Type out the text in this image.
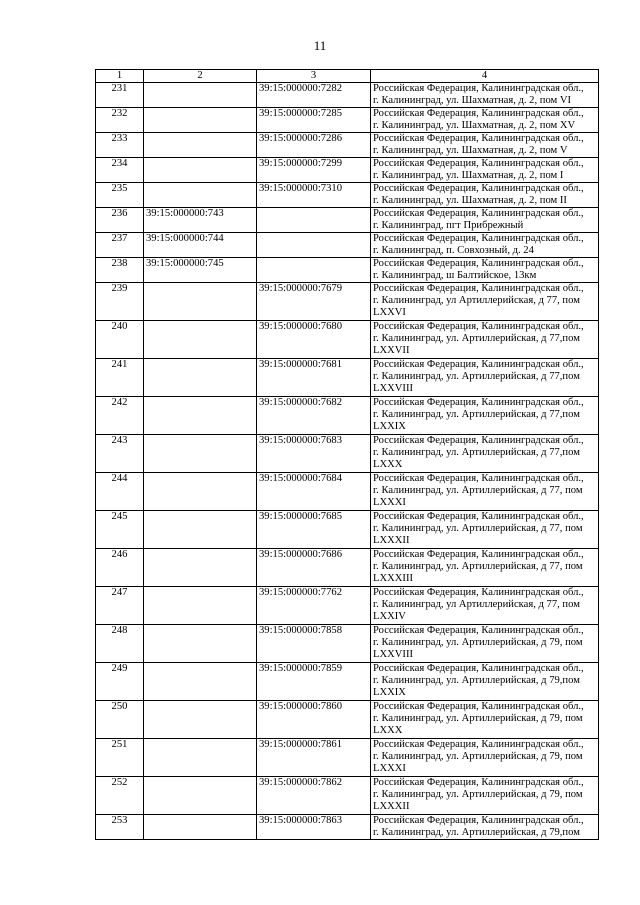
11
1	2	3	4
231		39:15:000000:7282	Российская Федерация, Калининградская обл.,
г. Калининград, ул. Шахматная, д. 2, пом VI
232		39:15:000000:7285	Российская Федерация, Калининградская обл.,
г. Калининград, ул. Шахматная, д. 2, пом XV
233		39:15:000000:7286	Российская Федерация, Калининградская обл.,
г. Калининград, ул. Шахматная, д. 2, пом V
234		39:15:000000:7299	Российская Федерация, Калининградская обл.,
г. Калининград, ул. Шахматная, д. 2, пом I
235		39:15:000000:7310	Российская Федерация, Калининградская обл.,
г. Калининград, ул. Шахматная, д. 2, пом II
236	39:15:000000:743		Российская Федерация, Калининградская обл.,
г. Калининград, пгт Прибрежный
237	39:15:000000:744		Российская Федерация, Калининградская обл.,
г. Калининград, п. Совхозный, д. 24
238	39:15:000000:745		Российская Федерация, Калининградская обл.,
г. Калининград, ш Балтийское, 13км
239		39:15:000000:7679	Российская Федерация, Калининградская обл.,
г. Калининград, ул Артиллерийская, д 77, пом
LXXVI
240		39:15:000000:7680	Российская Федерация, Калининградская обл.,
г. Калининград, ул. Артиллерийская, д 77,пом
LXXVII
241		39:15:000000:7681	Российская Федерация, Калининградская обл.,
г. Калининград, ул. Артиллерийская, д 77,пом
LXXVIII
242		39:15:000000:7682	Российская Федерация, Калининградская обл.,
г. Калининград, ул. Артиллерийская, д 77,пом
LXXIX
243		39:15:000000:7683	Российская Федерация, Калининградская обл.,
г. Калининград, ул. Артиллерийская, д 77,пом
LXXX
244		39:15:000000:7684	Российская Федерация, Калининградская обл.,
г. Калининград, ул. Артиллерийская, д 77, пом
LXXXI
245		39:15:000000:7685	Российская Федерация, Калининградская обл.,
г. Калининград, ул. Артиллерийская, д 77, пом
LXXXII
246		39:15:000000:7686	Российская Федерация, Калининградская обл.,
г. Калининград, ул. Артиллерийская, д 77, пом
LXXXIII
247		39:15:000000:7762	Российская Федерация, Калининградская обл.,
г. Калининград, ул Артиллерийская, д 77, пом
LXXIV
248		39:15:000000:7858	Российская Федерация, Калининградская обл.,
г. Калининград, ул. Артиллерийская, д 79, пом
LXXVIII
249		39:15:000000:7859	Российская Федерация, Калининградская обл.,
г. Калининград, ул. Артиллерийская, д 79,пом
LXXIX
250		39:15:000000:7860	Российская Федерация, Калининградская обл.,
г. Калининград, ул. Артиллерийская, д 79, пом
LXXX
251		39:15:000000:7861	Российская Федерация, Калининградская обл.,
г. Калининград, ул. Артиллерийская, д 79, пом
LXXXI
252		39:15:000000:7862	Российская Федерация, Калининградская обл.,
г. Калининград, ул. Артиллерийская, д 79, пом
LXXXII
253		39:15:000000:7863	Российская Федерация, Калининградская обл.,
г. Калининград, ул. Артиллерийская, д 79,пом
